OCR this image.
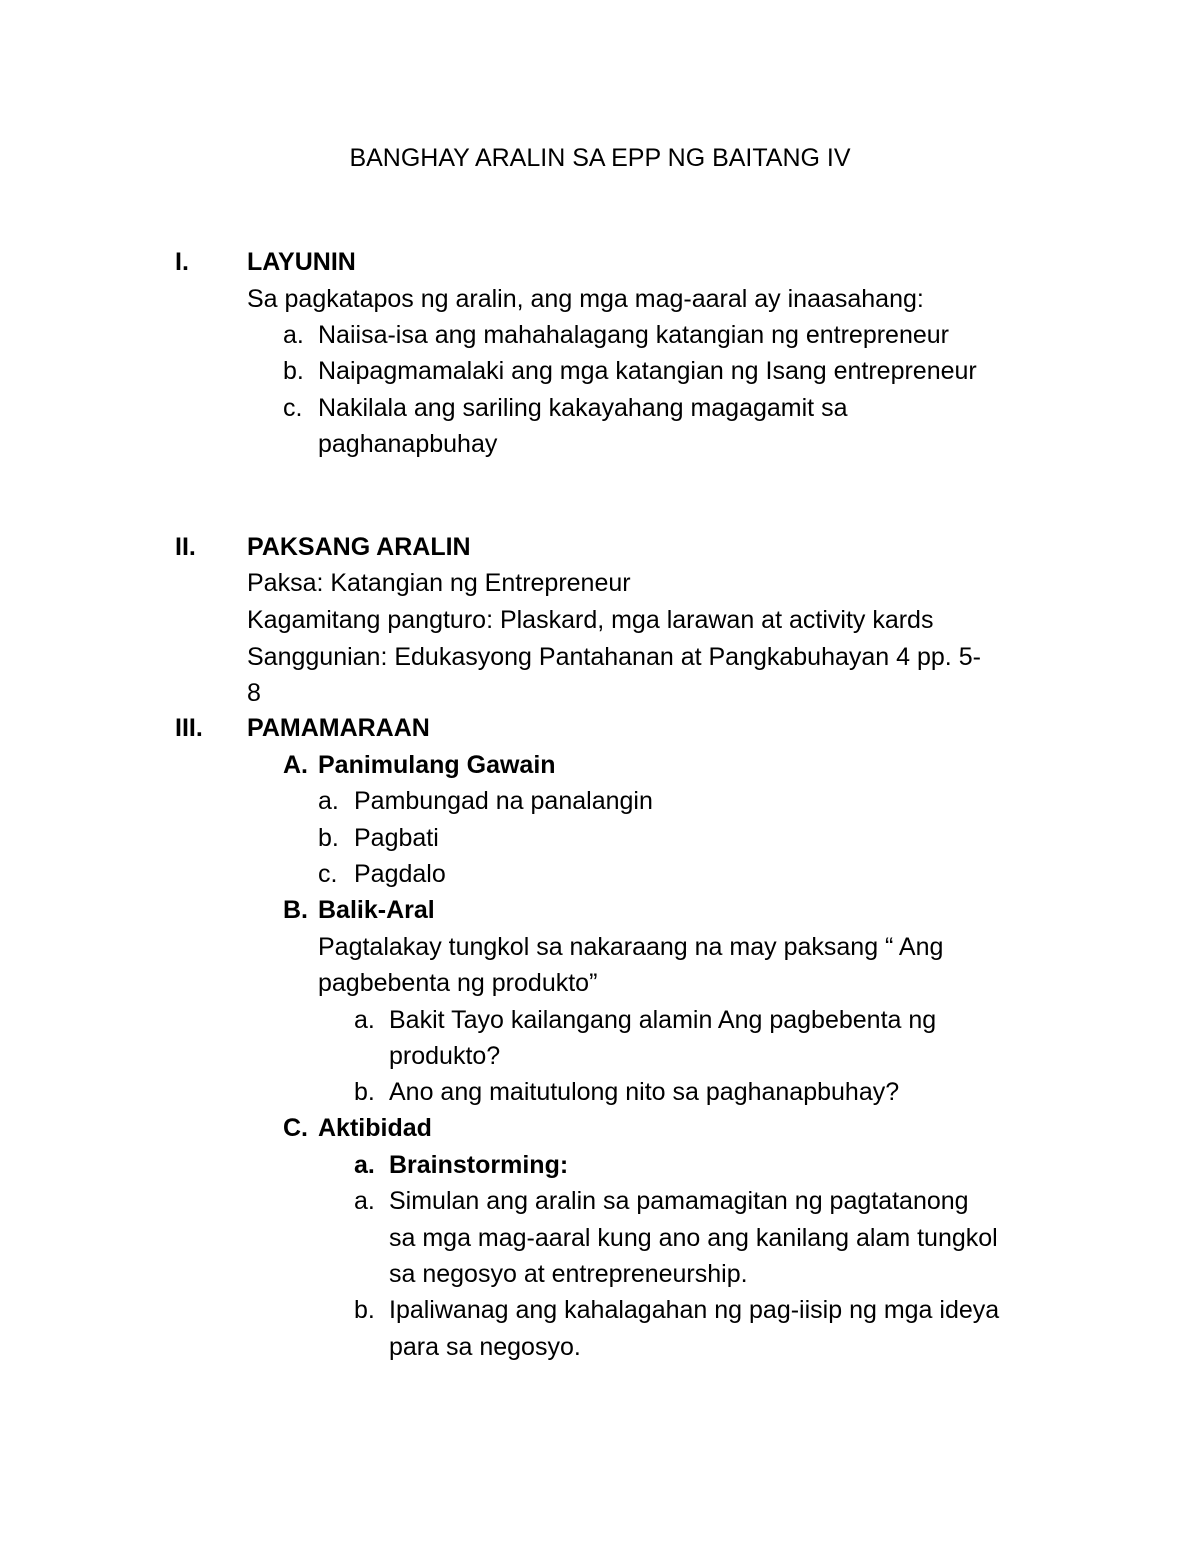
BANGHAY ARALIN SA EPP NG BAITANG IV
I. LAYUNIN
Sa pagkatapos ng aralin, ang mga mag-aaral ay inaasahang:
a. Naiisa-isa ang mahahalagang katangian ng entrepreneur
b. Naipagmamalaki ang mga katangian ng Isang entrepreneur
c. Nakilala ang sariling kakayahang magagamit sa
paghanapbuhay
II. PAKSANG ARALIN
Paksa: Katangian ng Entrepreneur
Kagamitang pangturo: Plaskard, mga larawan at activity kards
Sanggunian: Edukasyong Pantahanan at Pangkabuhayan 4 pp. 5-
8
III. PAMAMARAAN
A. Panimulang Gawain
a. Pambungad na panalangin
b. Pagbati
c. Pagdalo
B. Balik-Aral
Pagtalakay tungkol sa nakaraang na may paksang “ Ang
pagbebenta ng produkto”
a. Bakit Tayo kailangang alamin Ang pagbebenta ng
produkto?
b. Ano ang maitutulong nito sa paghanapbuhay?
C. Aktibidad
a. Brainstorming:
a. Simulan ang aralin sa pamamagitan ng pagtatanong
sa mga mag-aaral kung ano ang kanilang alam tungkol
sa negosyo at entrepreneurship.
b. Ipaliwanag ang kahalagahan ng pag-iisip ng mga ideya
para sa negosyo.
